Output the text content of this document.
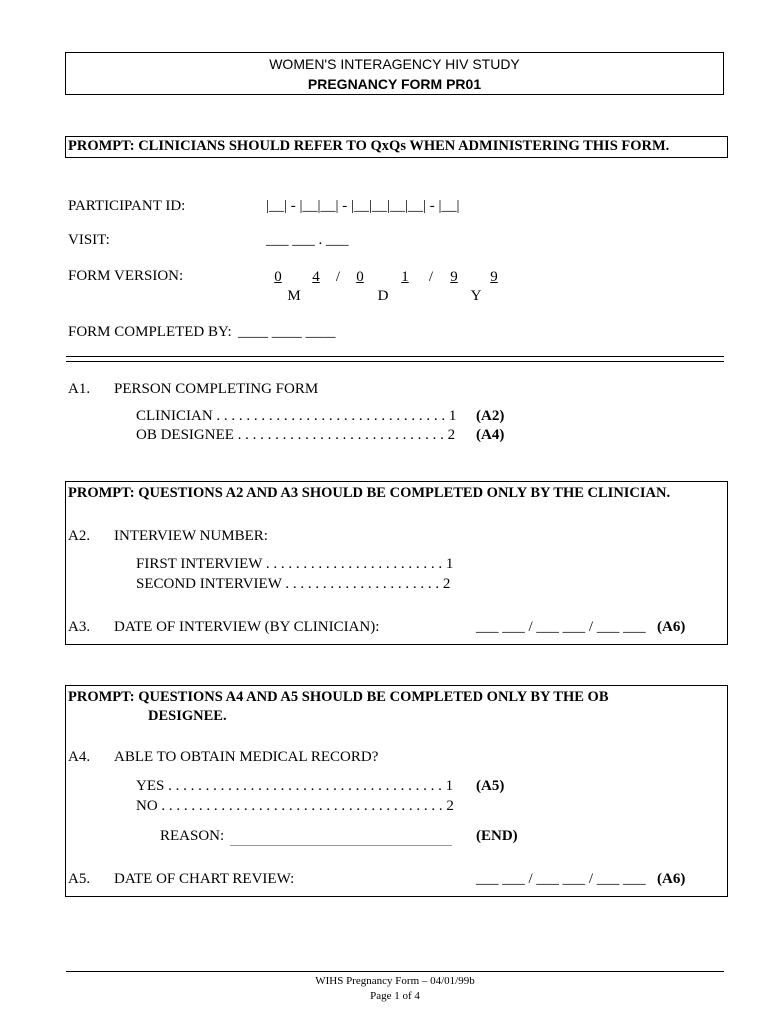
WOMEN'S INTERAGENCY HIV STUDY
PREGNANCY FORM PR01
PROMPT: CLINICIANS SHOULD REFER TO QxQs WHEN ADMINISTERING THIS FORM.
PARTICIPANT ID:	|__| - |__|__| - |__|__|__|__| - |__|
VISIT:	___ ___ . ___
FORM VERSION:	0	4	/	0	1	/	9	9
M	D	Y
FORM COMPLETED BY: ____ ____ ____
A1. PERSON COMPLETING FORM
CLINICIAN . . . . . . . . . . . . . . . . . . . . . . . . . . . . . . . 1 (A2)
OB DESIGNEE . . . . . . . . . . . . . . . . . . . . . . . . . . . . 2 (A4)
PROMPT: QUESTIONS A2 AND A3 SHOULD BE COMPLETED ONLY BY THE CLINICIAN.
A2. INTERVIEW NUMBER:
FIRST INTERVIEW . . . . . . . . . . . . . . . . . . . . . . . . 1
SECOND INTERVIEW . . . . . . . . . . . . . . . . . . . . . 2
A3. DATE OF INTERVIEW (BY CLINICIAN):	___ ___ / ___ ___ / ___ ___ (A6)
PROMPT: QUESTIONS A4 AND A5 SHOULD BE COMPLETED ONLY BY THE OB
DESIGNEE.
A4. ABLE TO OBTAIN MEDICAL RECORD?
YES . . . . . . . . . . . . . . . . . . . . . . . . . . . . . . . . . . . . . 1 (A5)
NO . . . . . . . . . . . . . . . . . . . . . . . . . . . . . . . . . . . . . . 2
REASON:	(END)
A5. DATE OF CHART REVIEW:	___ ___ / ___ ___ / ___ ___ (A6)
WIHS Pregnancy Form – 04/01/99b
Page 1 of 4
